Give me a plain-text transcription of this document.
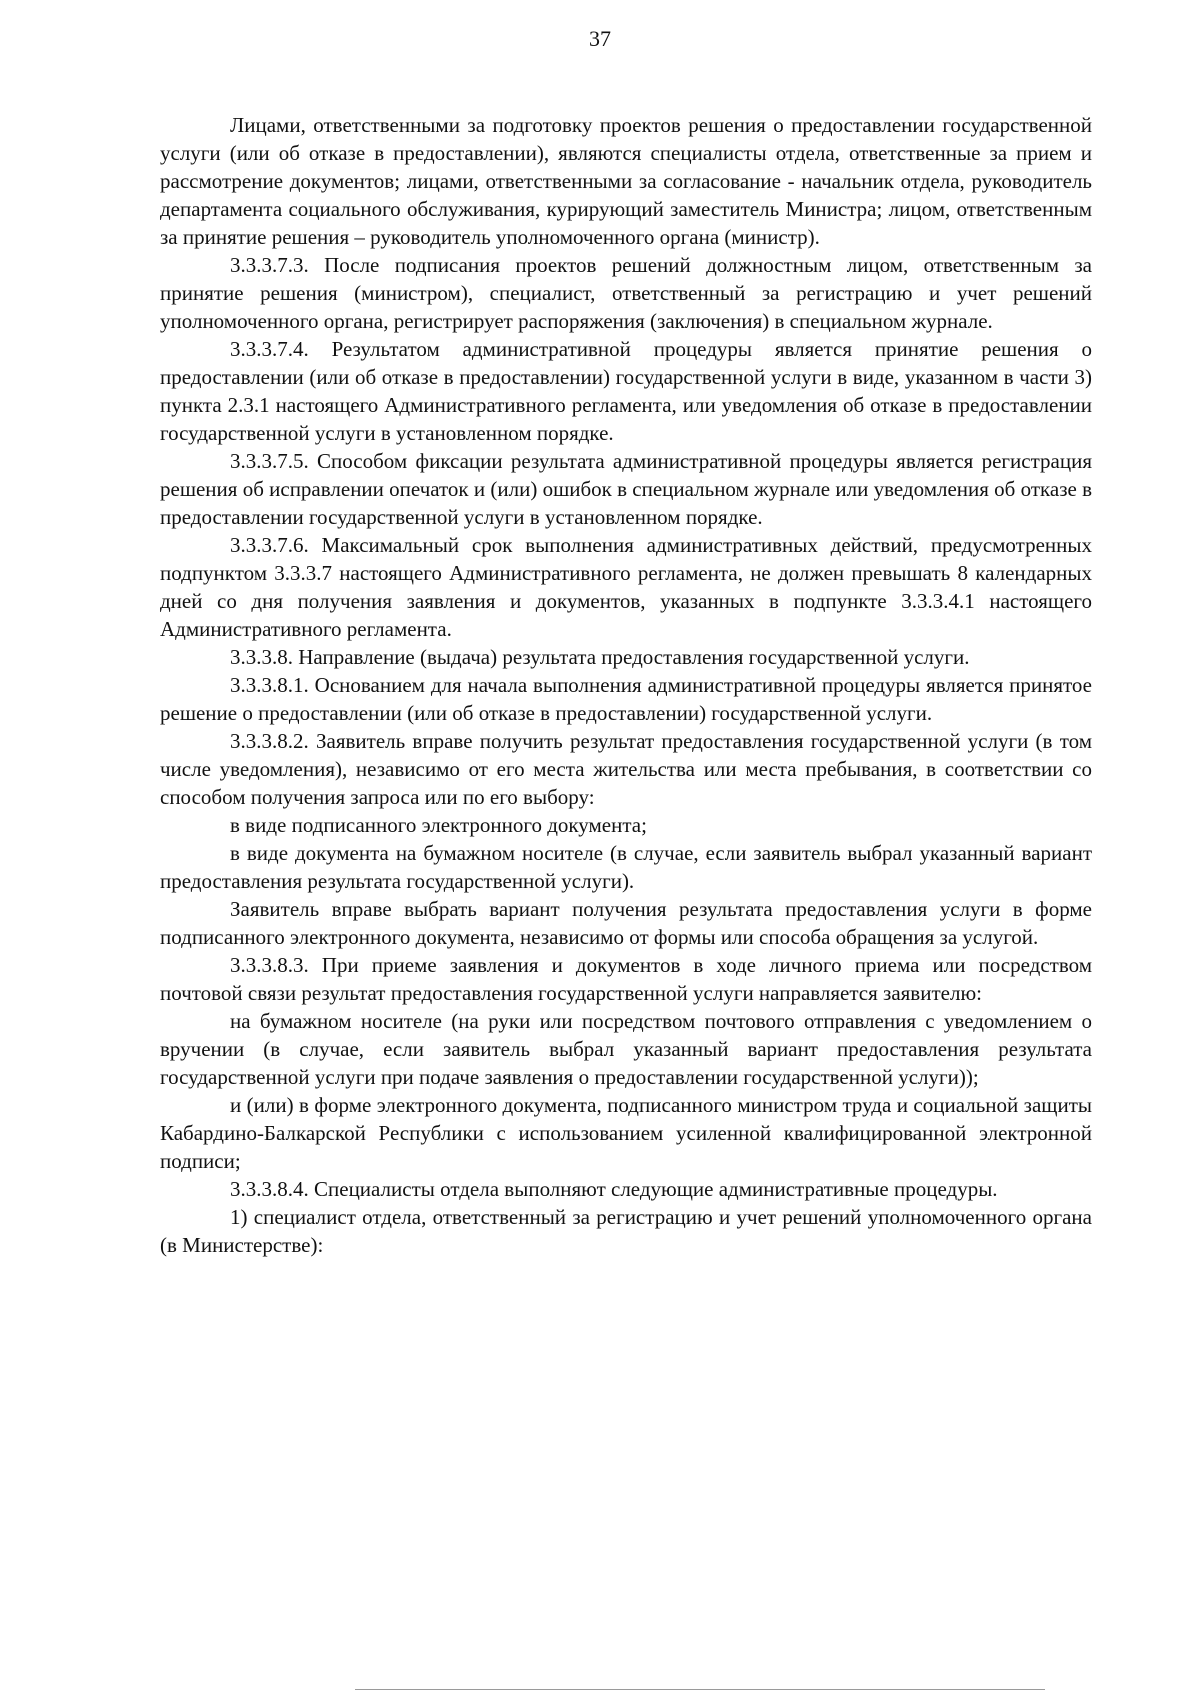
37

Лицами, ответственными за подготовку проектов решения о предоставлении государственной услуги (или об отказе в предоставлении), являются специалисты отдела, ответственные за прием и рассмотрение документов; лицами, ответственными за согласование - начальник отдела, руководитель департамента социального обслуживания, курирующий заместитель Министра; лицом, ответственным за принятие решения – руководитель уполномоченного органа (министр).

3.3.3.7.3. После подписания проектов решений должностным лицом, ответственным за принятие решения (министром), специалист, ответственный за регистрацию и учет решений уполномоченного органа, регистрирует распоряжения (заключения) в специальном журнале.

3.3.3.7.4. Результатом административной процедуры является принятие решения о предоставлении (или об отказе в предоставлении) государственной услуги в виде, указанном в части 3) пункта 2.3.1 настоящего Административного регламента, или уведомления об отказе в предоставлении государственной услуги в установленном порядке.

3.3.3.7.5. Способом фиксации результата административной процедуры является регистрация решения об исправлении опечаток и (или) ошибок в специальном журнале или уведомления об отказе в предоставлении государственной услуги в установленном порядке.

3.3.3.7.6. Максимальный срок выполнения административных действий, предусмотренных подпунктом 3.3.3.7 настоящего Административного регламента, не должен превышать 8 календарных дней со дня получения заявления и документов, указанных в подпункте 3.3.3.4.1 настоящего Административного регламента.

3.3.3.8. Направление (выдача) результата предоставления государственной услуги.

3.3.3.8.1. Основанием для начала выполнения административной процедуры является принятое решение о предоставлении (или об отказе в предоставлении) государственной услуги.

3.3.3.8.2. Заявитель вправе получить результат предоставления государственной услуги (в том числе уведомления), независимо от его места жительства или места пребывания, в соответствии со способом получения запроса или по его выбору:

в виде подписанного электронного документа;

в виде документа на бумажном носителе (в случае, если заявитель выбрал указанный вариант предоставления результата государственной услуги).

Заявитель вправе выбрать вариант получения результата предоставления услуги в форме подписанного электронного документа, независимо от формы или способа обращения за услугой.

3.3.3.8.3. При приеме заявления и документов в ходе личного приема или посредством почтовой связи результат предоставления государственной услуги направляется заявителю:

на бумажном носителе (на руки или посредством почтового отправления с уведомлением о вручении (в случае, если заявитель выбрал указанный вариант предоставления результата государственной услуги при подаче заявления о предоставлении государственной услуги));

и (или) в форме электронного документа, подписанного министром труда и социальной защиты Кабардино-Балкарской Республики с использованием усиленной квалифицированной электронной подписи;

3.3.3.8.4. Специалисты отдела выполняют следующие административные процедуры.

1) специалист отдела, ответственный за регистрацию и учет решений уполномоченного органа (в Министерстве):
